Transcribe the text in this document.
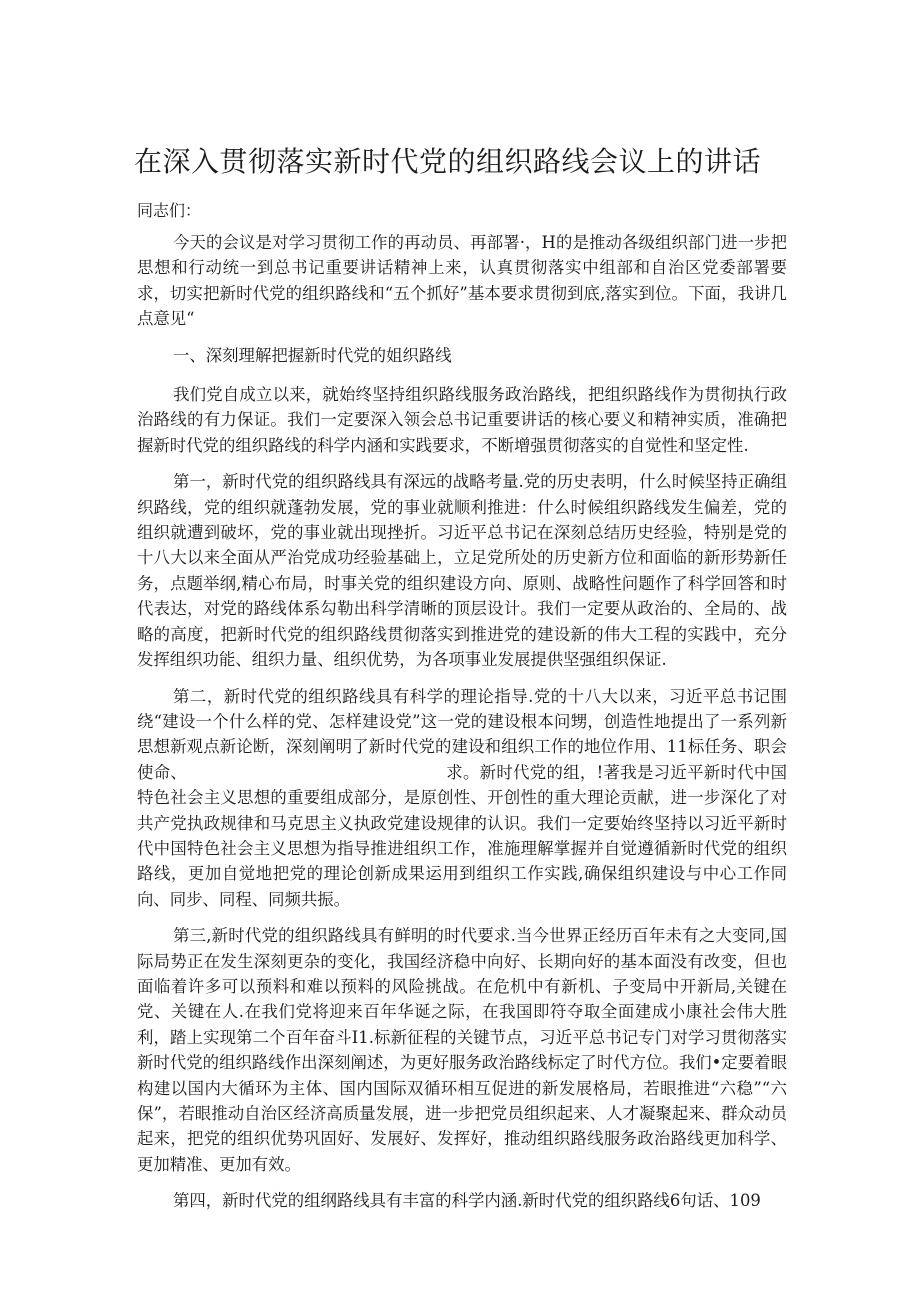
在深入贯彻落实新时代党的组织路线会议上的讲话

同志们：

今天的会议是对学习贯彻工作的再动员、再部署·，H的是推动各级组织部门进一步把思想和行动统一到总书记重要讲话精神上来，认真贯彻落实中组部和自治区党委部署要求，切实把新时代党的组织路线和“五个抓好”基本要求贯彻到底,落实到位。下面，我讲几点意见“

一、深刻理解把握新时代党的姐织路线

我们党自成立以来，就始终坚持组织路线服务政治路线，把组织路线作为贯彻执行政治路线的有力保证。我们一定要深入领会总书记重要讲话的核心要义和精神实质，准确把握新时代党的组织路线的科学内涵和实践要求，不断增强贯彻落实的自觉性和坚定性.

第一，新时代党的组织路线具有深远的战略考量.党的历史表明，什么时候坚持正确组织路线，党的组织就蓬勃发展，党的事业就顺利推进：什么时候组织路线发生偏差，党的组织就遭到破坏，党的事业就出现挫折。习近平总书记在深刻总结历史经验，特别是党的十八大以来全面从严治党成功经验基础上，立足党所处的历史新方位和面临的新形势新任务，点题举纲,精心布局，时事关党的组织建设方向、原则、战略性问题作了科学回答和时代表达，对党的路线体系勾勒出科学清晰的顶层设计。我们一定要从政治的、全局的、战略的高度，把新时代党的组织路线贯彻落实到推进党的建设新的伟大工程的实践中，充分发挥组织功能、组织力量、组织优势，为各项事业发展提供坚强组织保证.

第二，新时代党的组织路线具有科学的理论指导.党的十八大以来，习近平总书记围绕“建设一个什么样的党、怎样建设党”这一党的建设根本问甥，创造性地提出了一系列新思想新观点新论断，深刻阐明了新时代党的建设和组织工作的地位作用、11标任务、职会使命、　　　　　　　　　　　　　　　　求。新时代党的组，!著我是习近平新时代中国特色社会主义思想的重要组成部分，是原创性、开创性的重大理论贡献，进一步深化了对共产党执政规律和马克思主义执政党建设规律的认识。我们一定要始终坚持以习近平新时代中国特色社会主义思想为指导推进组织工作，准施理解掌握并自觉遵循新时代党的组织路线，更加自觉地把党的理论创新成果运用到组织工作实践,确保组织建设与中心工作同向、同步、同程、同频共振。

第三,新时代党的组织路线具有鲜明的时代要求.当今世界正经历百年未有之大变同,国际局势正在发生深刻更杂的变化，我国经济稳中向好、长期向好的基本面没有改变，但也面临着许多可以预料和难以预料的风险挑战。在危机中有新机、子变局中开新局,关键在党、关键在人.在我们党将迎来百年华诞之际，在我国即符夺取全面建成小康社会伟大胜利，踏上实现第二个百年奋斗I1.标新征程的关键节点，习近平总书记专门对学习贯彻落实新时代党的组织路线作出深刻阐述，为更好服务政治路线标定了时代方位。我们•定要着眼构建以国内大循环为主体、国内国际双循环相互促进的新发展格局，若眼推进“六稳”“六保”，若眼推动自治区经济高质量发展，进一步把党员组织起来、人才凝聚起来、群众动员起来，把党的组织优势巩固好、发展好、发挥好，推动组织路线服务政治路线更加科学、更加精准、更加有效。

第四，新时代党的组纲路线具有丰富的科学内涵.新时代党的组织路线6句话、109
